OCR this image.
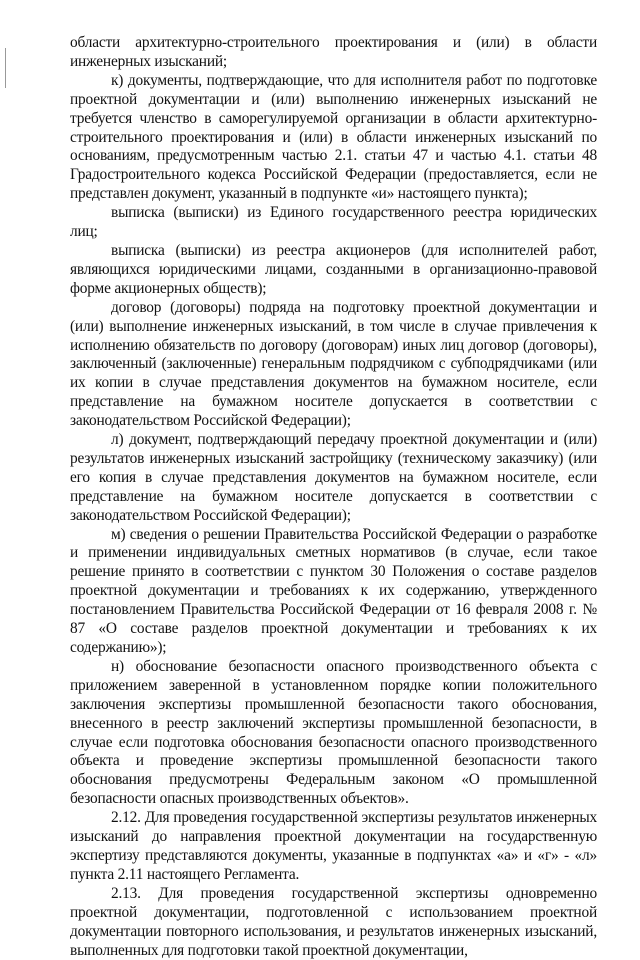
области архитектурно-строительного проектирования и (или) в области инженерных изысканий;

к) документы, подтверждающие, что для исполнителя работ по подготовке проектной документации и (или) выполнению инженерных изысканий не требуется членство в саморегулируемой организации в области архитектурно-строительного проектирования и (или) в области инженерных изысканий по основаниям, предусмотренным частью 2.1. статьи 47 и частью 4.1. статьи 48 Градостроительного кодекса Российской Федерации (предоставляется, если не представлен документ, указанный в подпункте «и» настоящего пункта);

выписка (выписки) из Единого государственного реестра юридических лиц;

выписка (выписки) из реестра акционеров (для исполнителей работ, являющихся юридическими лицами, созданными в организационно-правовой форме акционерных обществ);

договор (договоры) подряда на подготовку проектной документации и (или) выполнение инженерных изысканий, в том числе в случае привлечения к исполнению обязательств по договору (договорам) иных лиц договор (договоры), заключенный (заключенные) генеральным подрядчиком с субподрядчиками (или их копии в случае представления документов на бумажном носителе, если представление на бумажном носителе допускается в соответствии с законодательством Российской Федерации);

л) документ, подтверждающий передачу проектной документации и (или) результатов инженерных изысканий застройщику (техническому заказчику) (или его копия в случае представления документов на бумажном носителе, если представление на бумажном носителе допускается в соответствии с законодательством Российской Федерации);

м) сведения о решении Правительства Российской Федерации о разработке и применении индивидуальных сметных нормативов (в случае, если такое решение принято в соответствии с пунктом 30 Положения о составе разделов проектной документации и требованиях к их содержанию, утвержденного постановлением Правительства Российской Федерации от 16 февраля 2008 г. № 87 «О составе разделов проектной документации и требованиях к их содержанию»);

н) обоснование безопасности опасного производственного объекта с приложением заверенной в установленном порядке копии положительного заключения экспертизы промышленной безопасности такого обоснования, внесенного в реестр заключений экспертизы промышленной безопасности, в случае если подготовка обоснования безопасности опасного производственного объекта и проведение экспертизы промышленной безопасности такого обоснования предусмотрены Федеральным законом «О промышленной безопасности опасных производственных объектов».

2.12. Для проведения государственной экспертизы результатов инженерных изысканий до направления проектной документации на государственную экспертизу представляются документы, указанные в подпунктах «а» и «г» - «л» пункта 2.11 настоящего Регламента.

2.13. Для проведения государственной экспертизы одновременно проектной документации, подготовленной с использованием проектной документации повторного использования, и результатов инженерных изысканий, выполненных для подготовки такой проектной документации,
